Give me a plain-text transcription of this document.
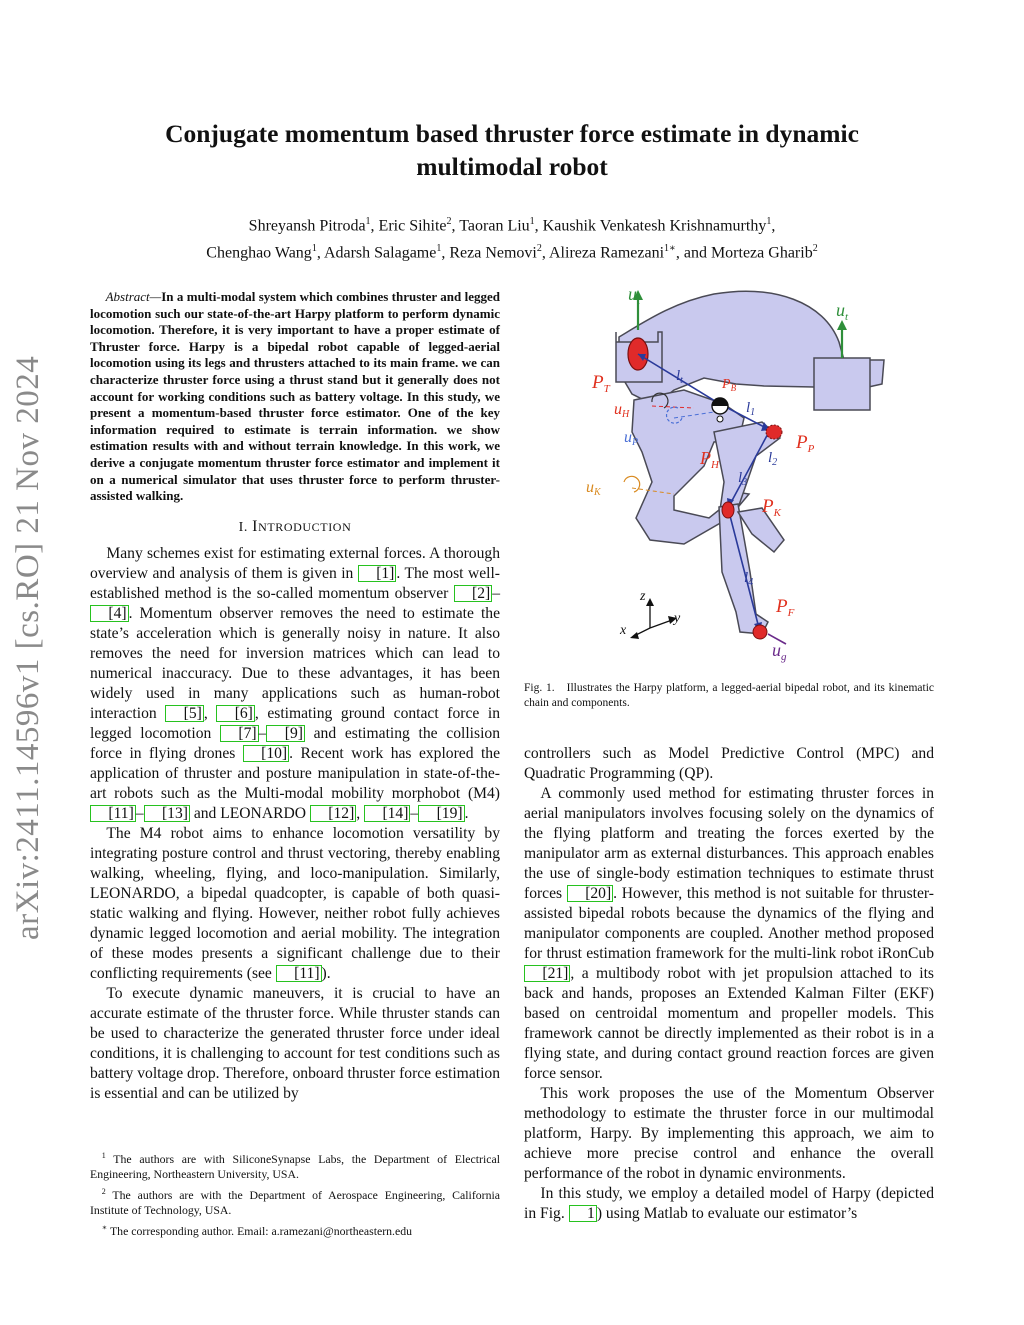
arXiv:2411.14596v1 [cs.RO] 21 Nov 2024
Conjugate momentum based thruster force estimate in dynamic multimodal robot
Shreyansh Pitroda$^1$, Eric Sihite$^2$, Taoran Liu$^1$, Kaushik Venkatesh Krishnamurthy$^1$,
Chenghao Wang$^1$, Adarsh Salagame$^1$, Reza Nemovi$^2$, Alireza Ramezani$^{1∗}$, and Morteza Gharib$^2$

Abstract—In a multi-modal system which combines thruster and legged locomotion such our state-of-the-art Harpy platform to perform dynamic locomotion. Therefore, it is very important to have a proper estimate of Thruster force. Harpy is a bipedal robot capable of legged-aerial locomotion using its legs and thrusters attached to its main frame. we can characterize thruster force using a thrust stand but it generally does not account for working conditions such as battery voltage. In this study, we present a momentum-based thruster force estimator. One of the key information required to estimate is terrain information. we show estimation results with and without terrain knowledge. In this work, we derive a conjugate momentum thruster force estimator and implement it on a numerical simulator that uses thruster force to perform thruster-assisted walking.

I. INTRODUCTION

Many schemes exist for estimating external forces. A thorough overview and analysis of them is given in [1] . The most well-established method is the so-called momentum observer [2] –[4] . Momentum observer removes the need to estimate the state’s acceleration which is generally noisy in nature. It also removes the need for inversion matrices which can lead to numerical inaccuracy. Due to these advantages, it has been widely used in many applications such as human-robot interaction [5] , [6] , estimating ground contact force in legged locomotion [7] – [9] and estimating the collision force in flying drones [10] . Recent work has explored the application of thruster and posture manipulation in state-of-the-art robots such as the Multi-modal mobility morphobot (M4) [11] – [13] and LEONARDO [12] , [14] – [19] .

The M4 robot aims to enhance locomotion versatility by integrating posture control and thrust vectoring, thereby enabling walking, wheeling, flying, and loco-manipulation. Similarly, LEONARDO, a bipedal quadcopter, is capable of both quasi-static walking and flying. However, neither robot fully achieves dynamic legged locomotion and aerial mobility. The integration of these modes presents a significant challenge due to their conflicting requirements (see [11] ).

To execute dynamic maneuvers, it is crucial to have an accurate estimate of the thruster force. While thruster stands can be used to characterize the generated thruster force under ideal conditions, it is challenging to account for test conditions such as battery voltage drop. Therefore, onboard thruster force estimation is essential and can be utilized by

$^1$ The authors are with SiliconeSynapse Labs, the Department of Electrical Engineering, Northeastern University, USA.

$^2$ The authors are with the Department of Aerospace Engineering, California Institute of Technology, USA.

∗ The corresponding author. Email: a.ramezani@northeastern.edu

$u_t$	$u_t$
$P_T$
$l_t$	$P_B$
uH	$l_1$
uP	$P_P$
$P_H$	$l_2$
$l_3$
uK
$P_K$
$l_4$
z
y
x
$P_F$
$u_g$
Fig. 1. Illustrates the Harpy platform, a legged-aerial bipedal robot, and its kinematic chain and components.

controllers such as Model Predictive Control (MPC) and Quadratic Programming (QP).

A commonly used method for estimating thruster forces in aerial manipulators involves focusing solely on the dynamics of the flying platform and treating the forces exerted by the manipulator arm as external disturbances. This approach enables the use of single-body estimation techniques to estimate thrust forces [20] . However, this method is not suitable for thruster-assisted bipedal robots because the dynamics of the flying and manipulator components are coupled. Another method proposed for thrust estimation framework for the multi-link robot iRonCub [21] , a multibody robot with jet propulsion attached to its back and hands, proposes an Extended Kalman Filter (EKF) based on centroidal momentum and propeller models. This framework cannot be directly implemented as their robot is in a flying state, and during contact ground reaction forces are given force sensor.

This work proposes the use of the Momentum Observer methodology to estimate the thruster force in our multimodal platform, Harpy. By implementing this approach, we aim to achieve more precise control and enhance the overall performance of the robot in dynamic environments.

In this study, we employ a detailed model of Harpy (depicted in Fig. 1 ) using Matlab to evaluate our estimator’s
